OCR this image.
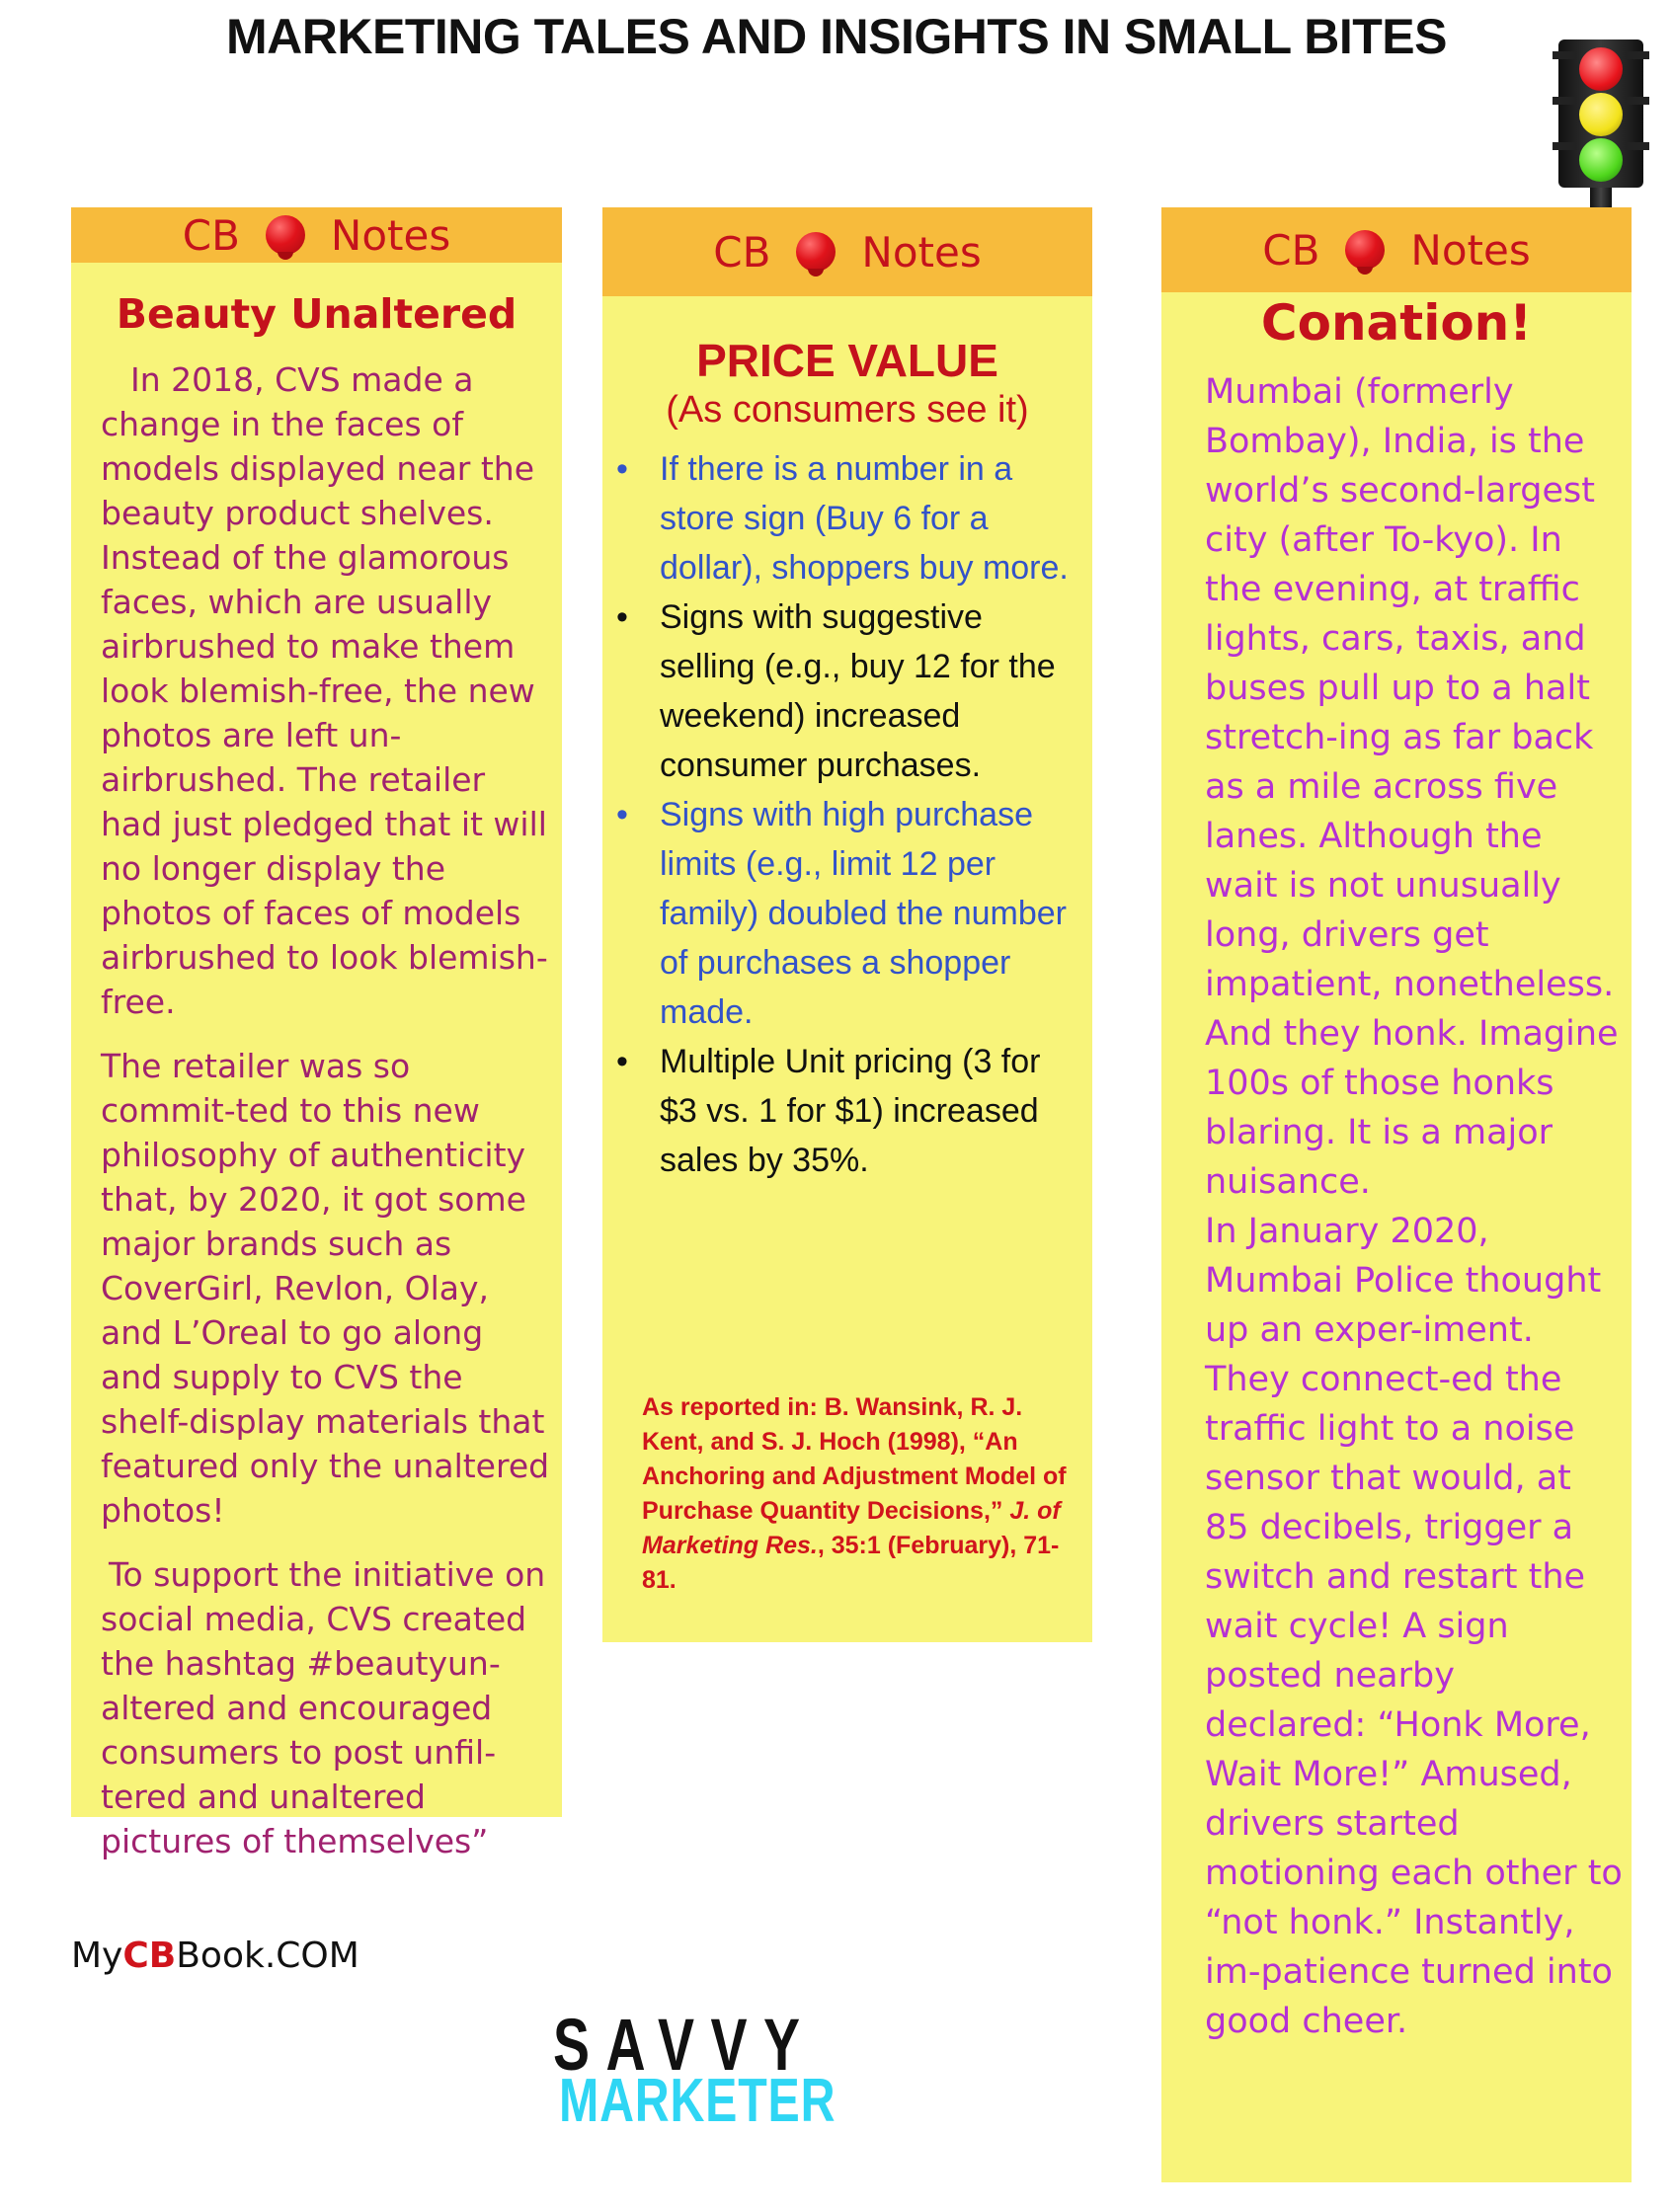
MARKETING TALES AND INSIGHTS IN SMALL BITES
CB Notes
Beauty Unaltered

In 2018, CVS made a change in the faces of models displayed near the beauty product shelves. Instead of the glamorous faces, which are usually airbrushed to make them look blemish-free, the new photos are left un-airbrushed. The retailer had just pledged that it will no longer display the photos of faces of models airbrushed to look blemish-free.

The retailer was so commit-ted to this new philosophy of authenticity that, by 2020, it got some major brands such as CoverGirl, Revlon, Olay, and L’Oreal to go along and supply to CVS the shelf-display materials that featured only the unaltered photos!

To support the initiative on social media, CVS created the hashtag #beautyun-altered and encouraged consumers to post unfil-tered and unaltered pictures of themselves”

CB Notes
PRICE VALUE
(As consumers see it)
• If there is a number in a store sign (Buy 6 for a dollar), shoppers buy more.
• Signs with suggestive selling (e.g., buy 12 for the weekend) increased consumer purchases.
• Signs with high purchase limits (e.g., limit 12 per family) doubled the number of purchases a shopper made.
• Multiple Unit pricing (3 for $3 vs. 1 for $1) increased sales by 35%.
As reported in: B. Wansink, R. J. Kent, and S. J. Hoch (1998), “An Anchoring and Adjustment Model of Purchase Quantity Decisions,” J. of Marketing Res., 35:1 (February), 71-81.
CB Notes
Conation!
Mumbai (formerly Bombay), India, is the world’s second-largest city (after To-kyo). In the evening, at traffic lights, cars, taxis, and buses pull up to a halt stretch-ing as far back as a mile across five lanes. Although the wait is not unusually long, drivers get impatient, nonetheless. And they honk. Imagine 100s of those honks blaring. It is a major nuisance.
In January 2020, Mumbai Police thought up an exper-iment. They connect-ed the traffic light to a noise sensor that would, at 85 decibels, trigger a switch and restart the wait cycle! A sign posted nearby declared: “Honk More, Wait More!” Amused, drivers started motioning each other to “not honk.” Instantly, im-patience turned into good cheer.
MyCBBook.COM
SAVVY
MARKETER
